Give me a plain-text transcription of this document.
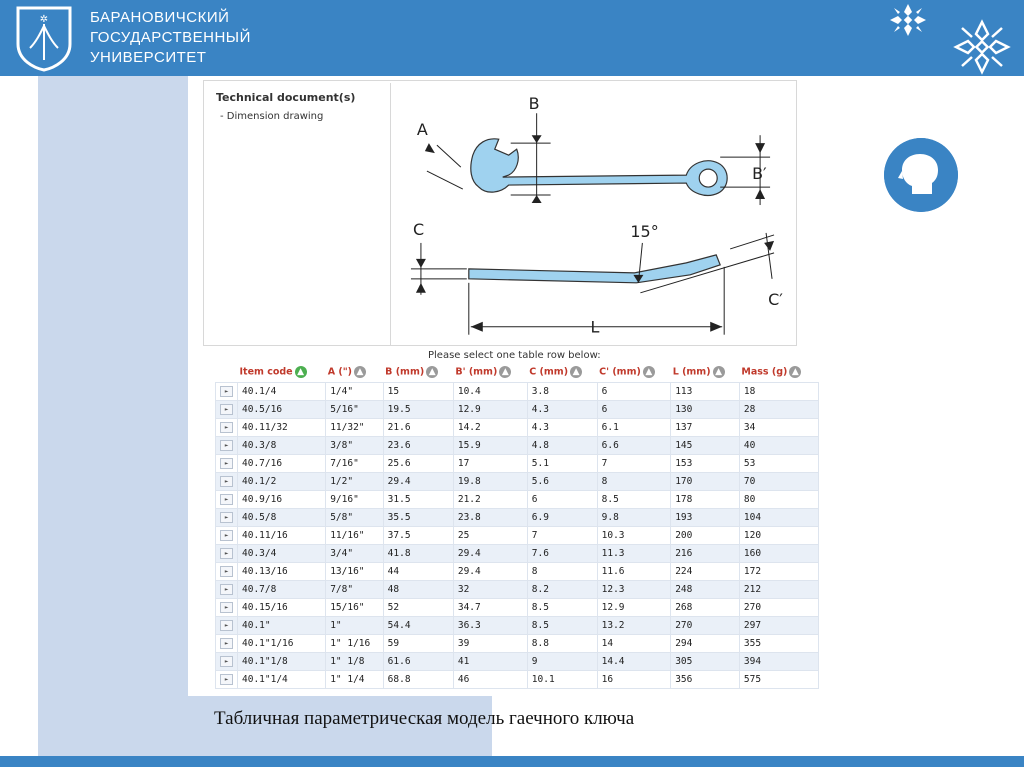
✲	БАРАНОВИЧСКИЙ
ГОСУДАРСТВЕННЫЙ
УНИВЕРСИТЕТ
Technical document(s)
- Dimension drawing
A
B
B′
C	15°
C′
L
Please select one table row below:
	Item code ▲	A (") ▲	B (mm) ▲	B' (mm) ▲	C (mm) ▲	C' (mm) ▲	L (mm) ▲	Mass (g) ▲
►	40.1/4	1/4"	15	10.4	3.8	6	113	18
►	40.5/16	5/16"	19.5	12.9	4.3	6	130	28
►	40.11/32	11/32"	21.6	14.2	4.3	6.1	137	34
►	40.3/8	3/8"	23.6	15.9	4.8	6.6	145	40
►	40.7/16	7/16"	25.6	17	5.1	7	153	53
►	40.1/2	1/2"	29.4	19.8	5.6	8	170	70
►	40.9/16	9/16"	31.5	21.2	6	8.5	178	80
►	40.5/8	5/8"	35.5	23.8	6.9	9.8	193	104
►	40.11/16	11/16"	37.5	25	7	10.3	200	120
►	40.3/4	3/4"	41.8	29.4	7.6	11.3	216	160
►	40.13/16	13/16"	44	29.4	8	11.6	224	172
►	40.7/8	7/8"	48	32	8.2	12.3	248	212
►	40.15/16	15/16"	52	34.7	8.5	12.9	268	270
►	40.1"	1"	54.4	36.3	8.5	13.2	270	297
►	40.1"1/16	1" 1/16	59	39	8.8	14	294	355
►	40.1"1/8	1" 1/8	61.6	41	9	14.4	305	394
►	40.1"1/4	1" 1/4	68.8	46	10.1	16	356	575
Табличная параметрическая модель гаечного ключа
